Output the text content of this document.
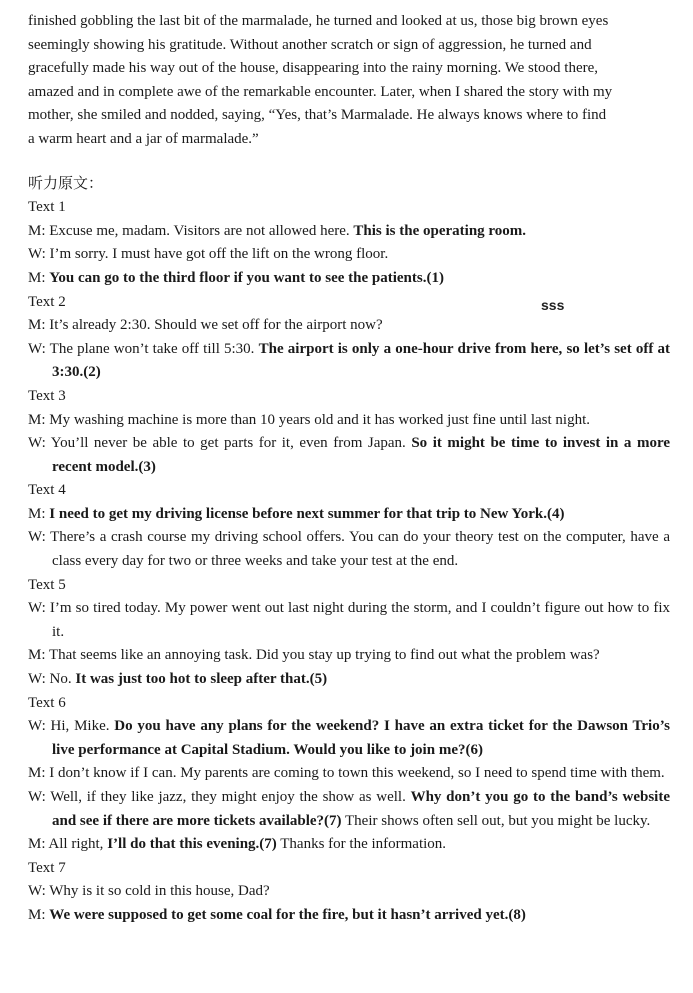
finished gobbling the last bit of the marmalade, he turned and looked at us, those big brown eyes

seemingly showing his gratitude. Without another scratch or sign of aggression, he turned and

gracefully made his way out of the house, disappearing into the rainy morning. We stood there,

amazed and in complete awe of the remarkable encounter. Later, when I shared the story with my

mother, she smiled and nodded, saying, “Yes, that’s Marmalade. He always knows where to find

a warm heart and a jar of marmalade.”

听力原文：

Text 1

M: Excuse me, madam. Visitors are not allowed here. This is the operating room.

W: I’m sorry. I must have got off the lift on the wrong floor.

M: You can go to the third floor if you want to see the patients.(1)

Text 2

M: It’s already 2:30. Should we set off for the airport now?

W: The plane won’t take off till 5:30. The airport is only a one-hour drive from here, so let’s set off at 3:30.(2)

Text 3

M: My washing machine is more than 10 years old and it has worked just fine until last night.

W: You’ll never be able to get parts for it, even from Japan. So it might be time to invest in a more recent model.(3)

Text 4

M: I need to get my driving license before next summer for that trip to New York.(4)

W: There’s a crash course my driving school offers. You can do your theory test on the computer, have a class every day for two or three weeks and take your test at the end.

Text 5

W: I’m so tired today. My power went out last night during the storm, and I couldn’t figure out how to fix it.

M: That seems like an annoying task. Did you stay up trying to find out what the problem was?

W: No. It was just too hot to sleep after that.(5)

Text 6

W: Hi, Mike. Do you have any plans for the weekend? I have an extra ticket for the Dawson Trio’s live performance at Capital Stadium. Would you like to join me?(6)

M: I don’t know if I can. My parents are coming to town this weekend, so I need to spend time with them.

W: Well, if they like jazz, they might enjoy the show as well. Why don’t you go to the band’s website and see if there are more tickets available?(7) Their shows often sell out, but you might be lucky.

M: All right, I’ll do that this evening.(7) Thanks for the information.

Text 7

W: Why is it so cold in this house, Dad?

M: We were supposed to get some coal for the fire, but it hasn’t arrived yet.(8)

sss
